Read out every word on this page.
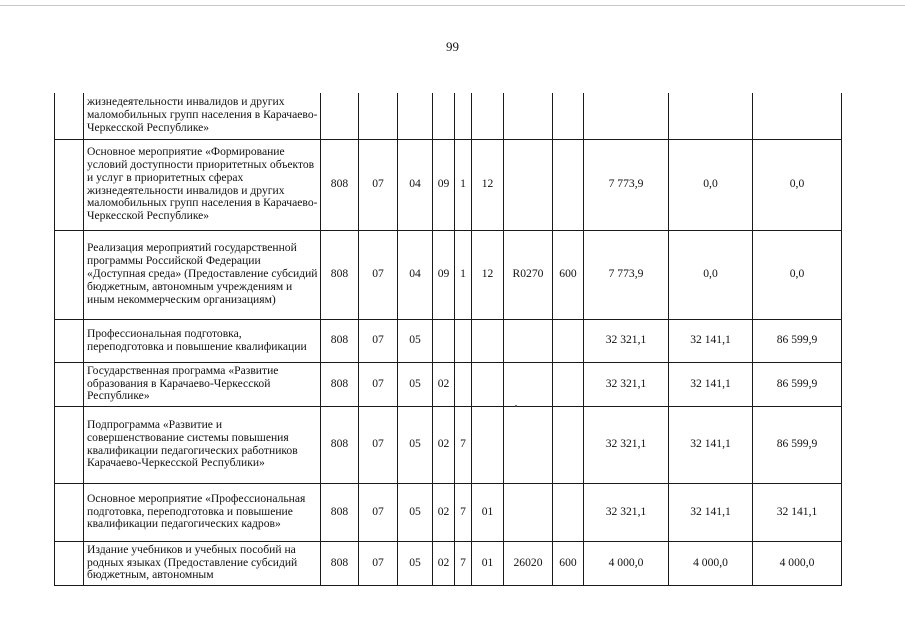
99
	жизнедеятельности инвалидов и других маломобильных групп населения в Карачаево-Черкесской Республике»											
	Основное мероприятие «Формирование условий доступности приоритетных объектов и услуг в приоритетных сферах жизнедеятельности инвалидов и других маломобильных групп населения в Карачаево-Черкесской Республике»	808	07	04	09	1	12			7 773,9	0,0	0,0
	Реализация мероприятий государственной программы Российской Федерации «Доступная среда» (Предоставление субсидий бюджетным, автономным учреждениям и иным некоммерческим организациям)	808	07	04	09	1	12	R0270	600	7 773,9	0,0	0,0
	Профессиональная подготовка, переподготовка и повышение квалификации	808	07	05						32 321,1	32 141,1	86 599,9
	Государственная программа «Развитие образования в Карачаево-Черкесской Республике»	808	07	05	02					32 321,1	32 141,1	86 599,9
	Подпрограмма «Развитие и совершенствование системы повышения квалификации педагогических работников Карачаево-Черкесской Республики»	808	07	05	02	7				32 321,1	32 141,1	86 599,9
	Основное мероприятие «Профессиональная подготовка, переподготовка и повышение квалификации педагогических кадров»	808	07	05	02	7	01			32 321,1	32 141,1	32 141,1
	Издание учебников и учебных пособий на родных языках (Предоставление субсидий бюджетным, автономным	808	07	05	02	7	01	26020	600	4 000,0	4 000,0	4 000,0
